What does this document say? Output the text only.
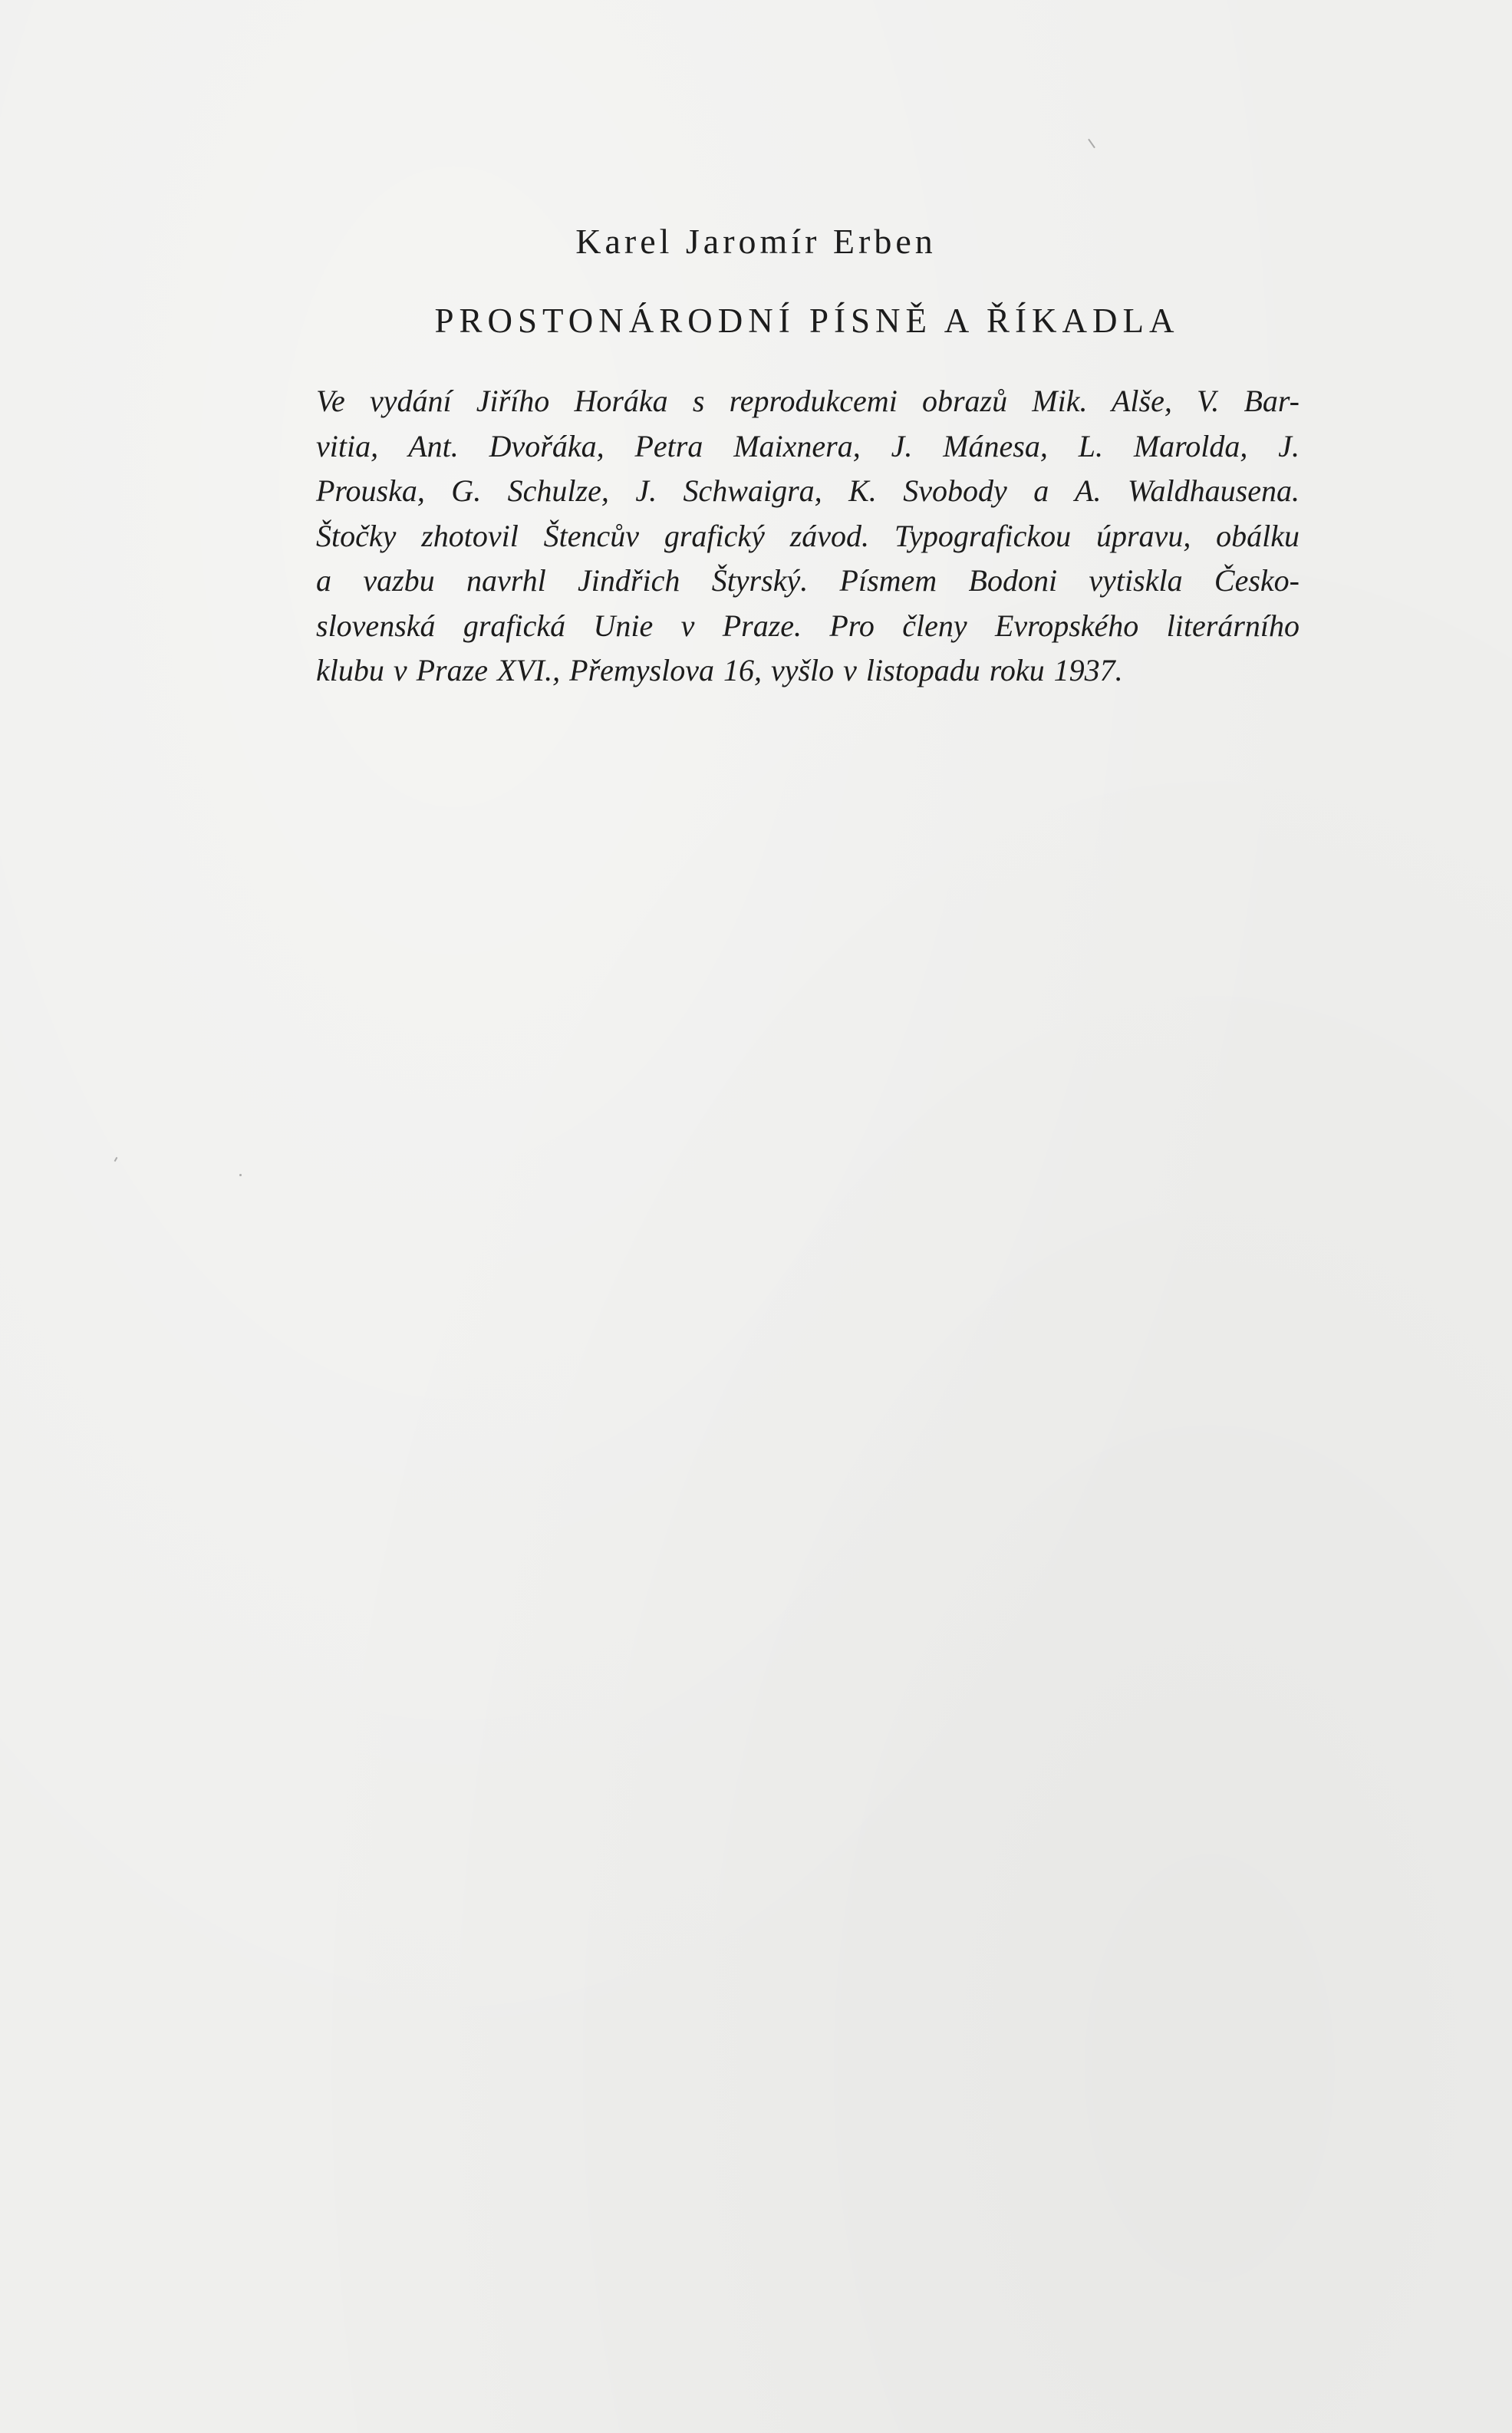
Karel Jaromír Erben
PROSTONÁRODNÍ PÍSNĚ A ŘÍKADLA
Ve vydání Jiřího Horáka s reprodukcemi obrazů Mik. Alše, V. Bar-
vitia, Ant. Dvořáka, Petra Maixnera, J. Mánesa, L. Marolda, J.
Prouska, G. Schulze, J. Schwaigra, K. Svobody a A. Waldhausena.
Štočky zhotovil Štencův grafický závod. Typografickou úpravu, obálku
a vazbu navrhl Jindřich Štyrský. Písmem Bodoni vytiskla Česko-
slovenská grafická Unie v Praze. Pro členy Evropského literárního
klubu v Praze XVI., Přemyslova 16, vyšlo v listopadu roku 1937.
